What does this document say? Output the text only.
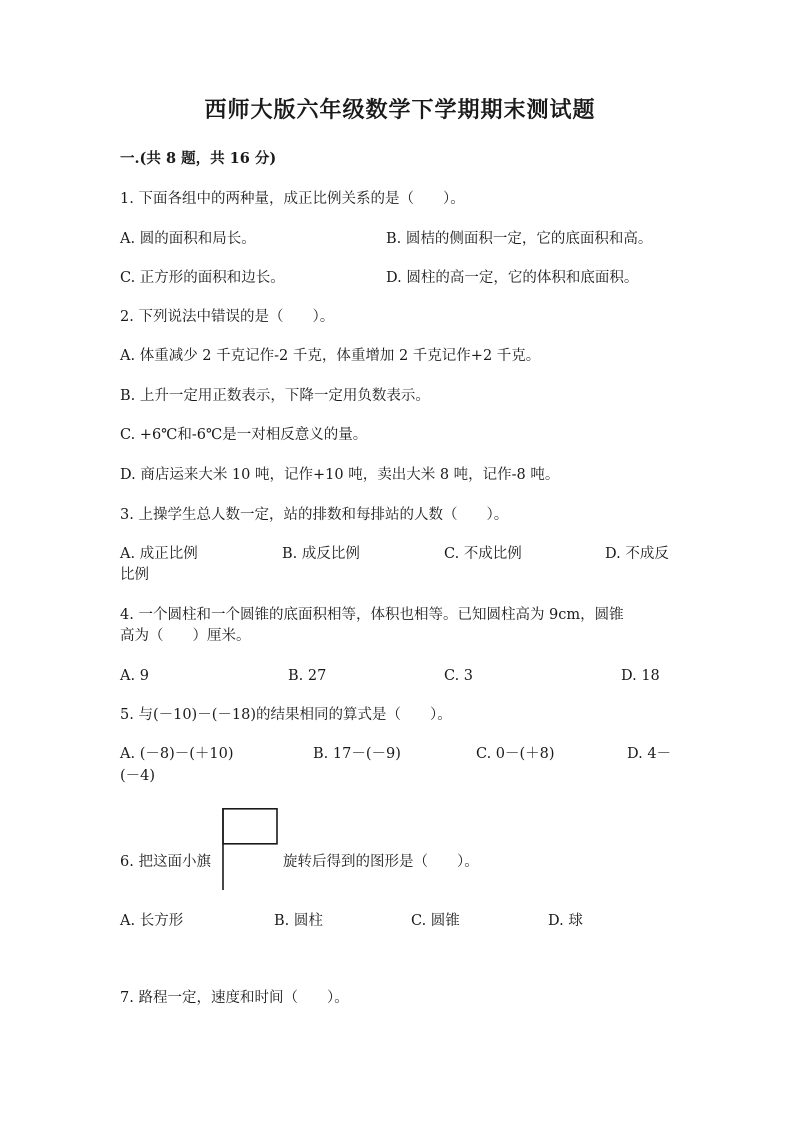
西师大版六年级数学下学期期末测试题
一.(共 8 题，共 16 分)
1. 下面各组中的两种量，成正比例关系的是（　　）。
A. 圆的面积和局长。	B. 圆桔的侧面积一定，它的底面积和高。
C. 正方形的面积和边长。	D. 圆柱的高一定，它的体积和底面积。
2. 下列说法中错误的是（　　）。
A. 体重减少 2 千克记作-2 千克，体重增加 2 千克记作+2 千克。
B. 上升一定用正数表示，下降一定用负数表示。
C. +6℃和-6℃是一对相反意义的量。
D. 商店运来大米 10 吨，记作+10 吨，卖出大米 8 吨，记作-8 吨。
3. 上操学生总人数一定，站的排数和每排站的人数（　　）。
A. 成正比例	B. 成反比例	C. 不成比例	D. 不成反
比例
4. 一个圆柱和一个圆锥的底面积相等，体积也相等。已知圆柱高为 9cm，圆锥
高为（　　）厘米。
A. 9	B. 27	C. 3	D. 18
5. 与(－10)－(－18)的结果相同的算式是（　　）。
A. (－8)－(＋10)	B. 17－(－9)	C. 0－(＋8)	D. 4－
(－4)
6. 把这面小旗	旋转后得到的图形是（　　）。
A. 长方形	B. 圆柱	C. 圆锥	D. 球
7. 路程一定，速度和时间（　　）。
